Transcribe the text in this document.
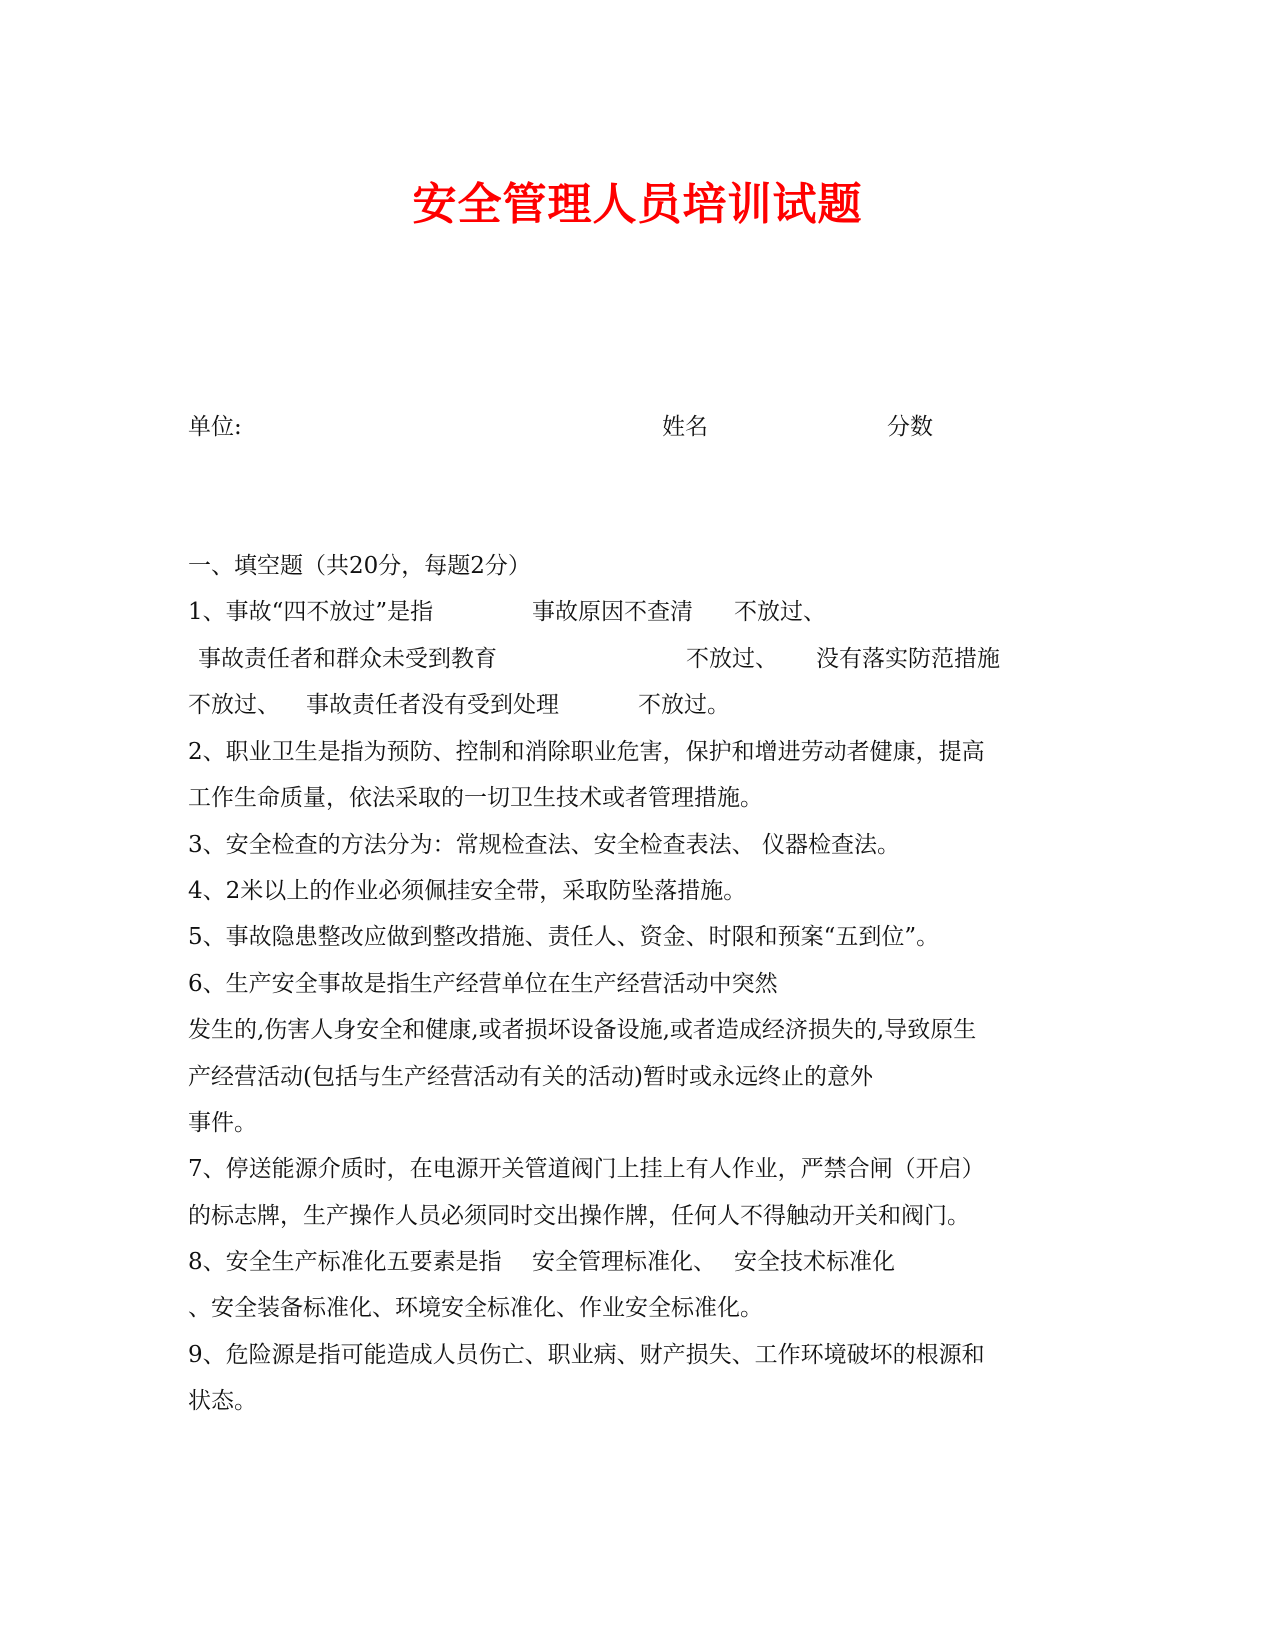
安全管理人员培训试题
单位:	姓名	分数
一、填空题（共20分，每题2分）
1、事故“四不放过”是指	事故原因不查清 不放过、
事故责任者和群众未受到教育	不放过、 没有落实防范措施
不放过、 事故责任者没有受到处理	不放过。
2、职业卫生是指为预防、控制和消除职业危害，保护和增进劳动者健康，提高
工作生命质量，依法采取的一切卫生技术或者管理措施。
3、安全检查的方法分为：常规检查法、安全检查表法、 仪器检查法。
4、2米以上的作业必须佩挂安全带，采取防坠落措施。
5、事故隐患整改应做到整改措施、责任人、资金、时限和预案“五到位”。
6、生产安全事故是指生产经营单位在生产经营活动中突然
发生的,伤害人身安全和健康,或者损坏设备设施,或者造成经济损失的,导致原生
产经营活动(包括与生产经营活动有关的活动)暂时或永远终止的意外
事件。
7、停送能源介质时，在电源开关管道阀门上挂上有人作业，严禁合闸（开启）
的标志牌，生产操作人员必须同时交出操作牌，任何人不得触动开关和阀门。
8、安全生产标准化五要素是指 安全管理标准化、 安全技术标准化
、安全装备标准化、环境安全标准化、作业安全标准化。
9、危险源是指可能造成人员伤亡、职业病、财产损失、工作环境破坏的根源和
状态。
